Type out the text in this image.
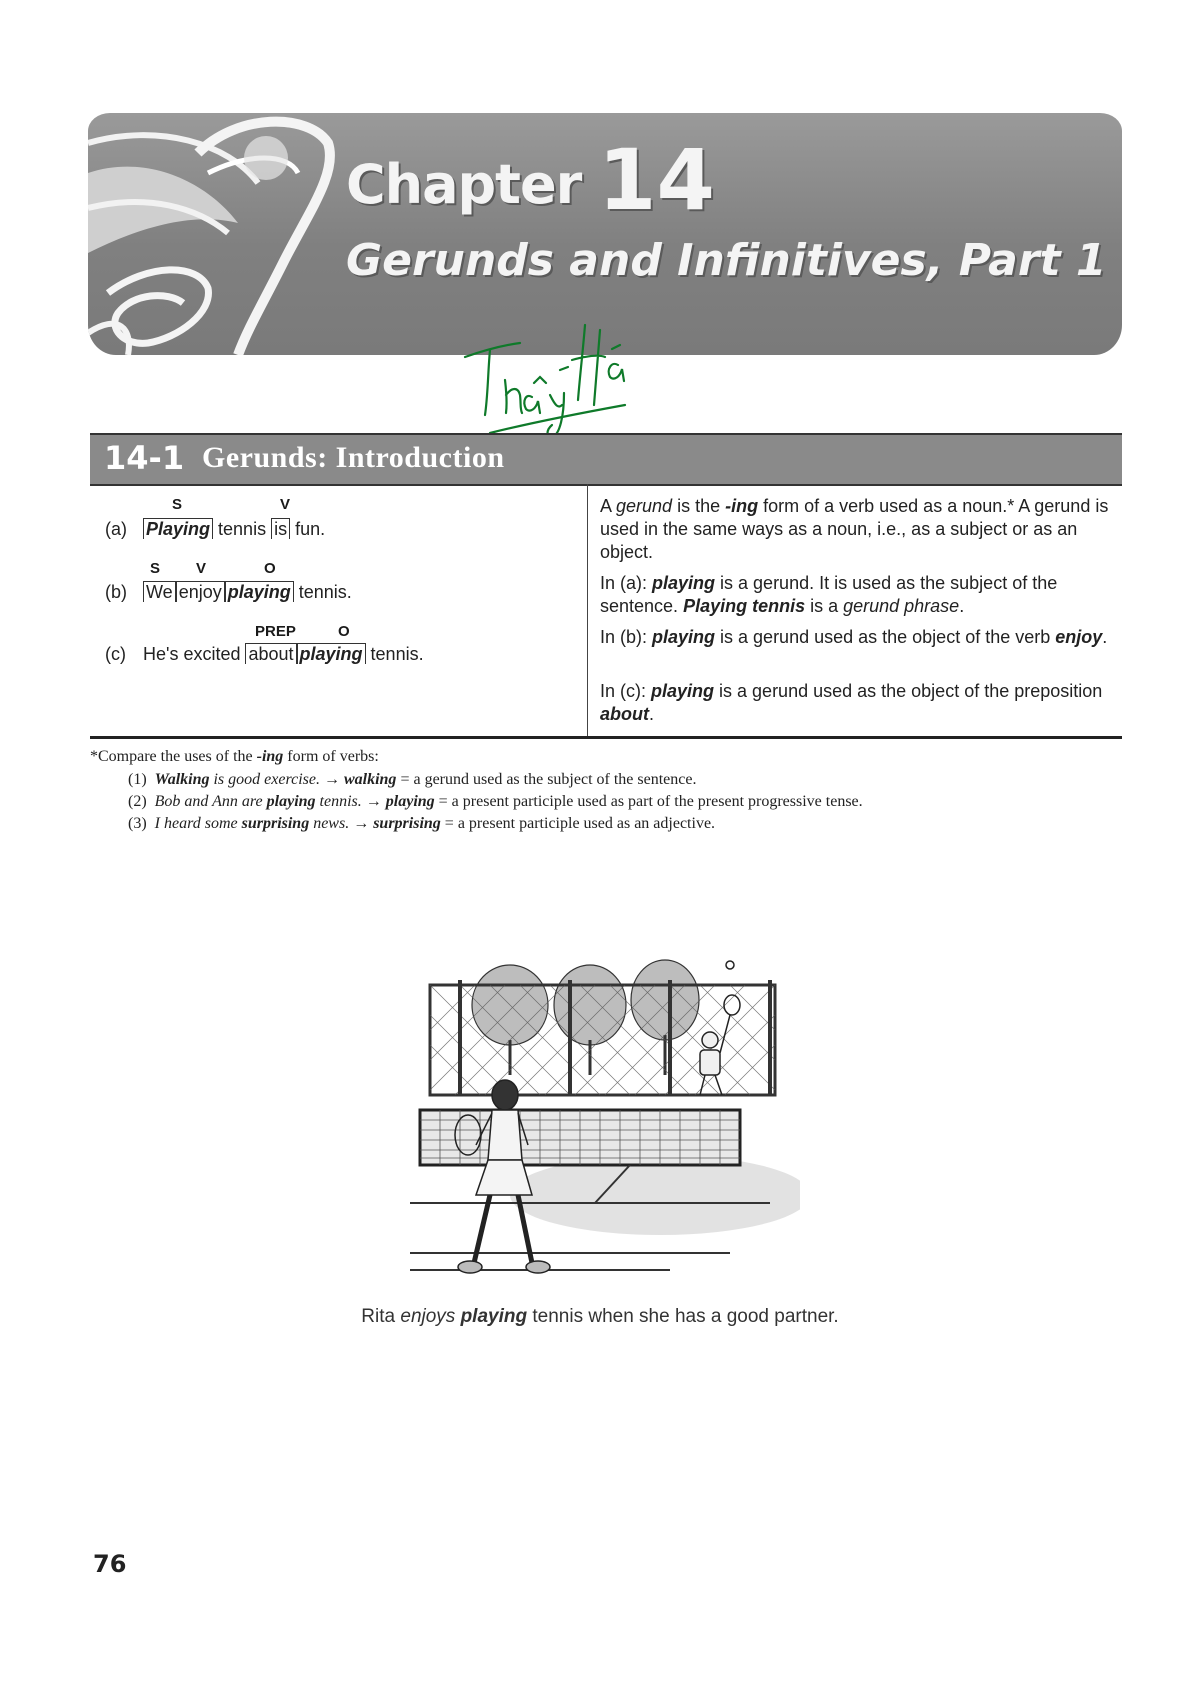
Chapter 14
Gerunds and Infinitives, Part 1
14-1 Gerunds: Introduction
S	V
(a) Playing tennis is fun.
S V	O
(b) We enjoy playing tennis.
PREP	O
(c) He's excited about playing tennis.
A gerund is the -ing form of a verb used as a noun.* A gerund is used in the same ways as a noun, i.e., as a subject or as an object.
In (a): playing is a gerund. It is used as the subject of the sentence. Playing tennis is a gerund phrase.
In (b): playing is a gerund used as the object of the verb enjoy.
In (c): playing is a gerund used as the object of the preposition about.
*Compare the uses of the -ing form of verbs:
(1) Walking is good exercise. → walking = a gerund used as the subject of the sentence.
(2) Bob and Ann are playing tennis. → playing = a present participle used as part of the present progressive tense.
(3) I heard some surprising news. → surprising = a present participle used as an adjective.
Rita enjoys playing tennis when she has a good partner.
76
